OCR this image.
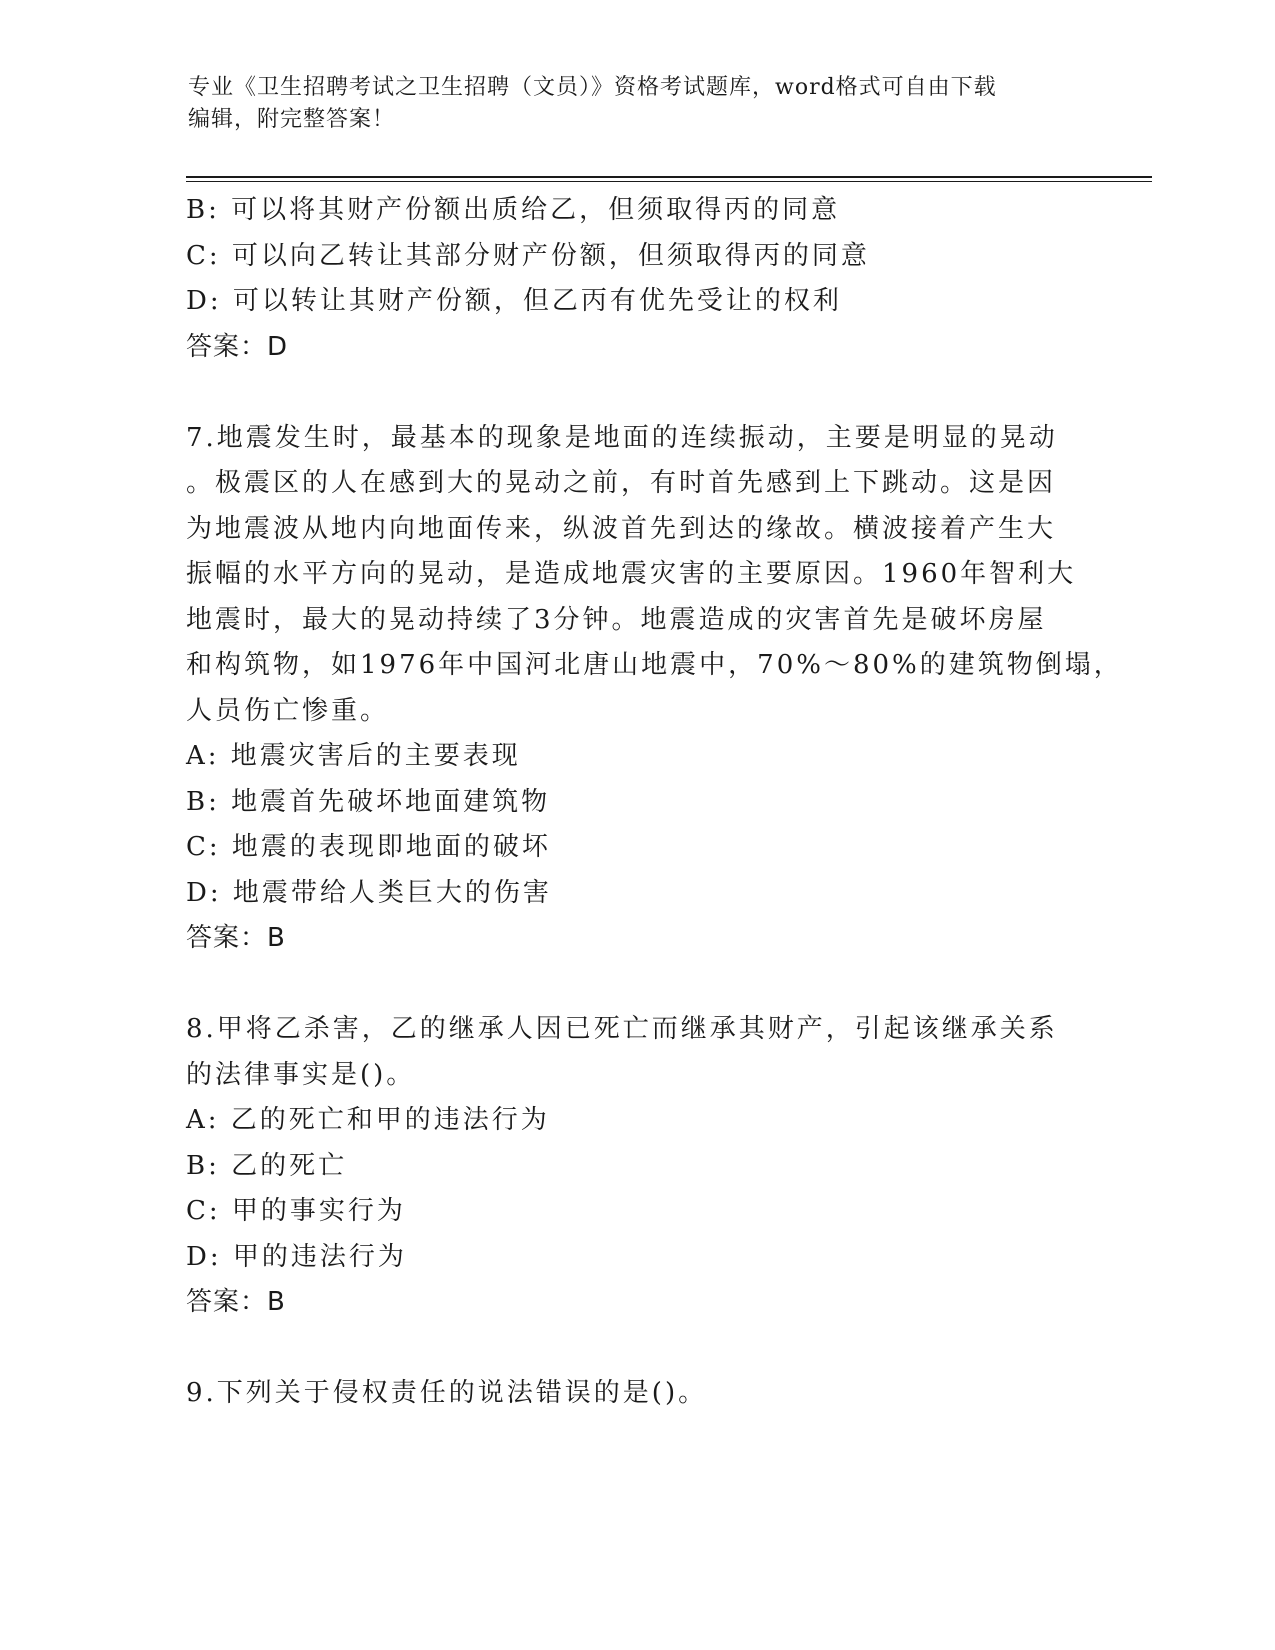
专业《卫生招聘考试之卫生招聘（文员）》资格考试题库，word格式可自由下载
编辑，附完整答案！
B: 可以将其财产份额出质给乙，但须取得丙的同意
C: 可以向乙转让其部分财产份额，但须取得丙的同意
D: 可以转让其财产份额，但乙丙有优先受让的权利
答案：D
7.地震发生时，最基本的现象是地面的连续振动，主要是明显的晃动
。极震区的人在感到大的晃动之前，有时首先感到上下跳动。这是因
为地震波从地内向地面传来，纵波首先到达的缘故。横波接着产生大
振幅的水平方向的晃动，是造成地震灾害的主要原因。1960年智利大
地震时，最大的晃动持续了3分钟。地震造成的灾害首先是破坏房屋
和构筑物，如1976年中国河北唐山地震中，70%～80%的建筑物倒塌，
人员伤亡惨重。
A: 地震灾害后的主要表现
B: 地震首先破坏地面建筑物
C: 地震的表现即地面的破坏
D: 地震带给人类巨大的伤害
答案：B
8.甲将乙杀害，乙的继承人因已死亡而继承其财产，引起该继承关系
的法律事实是()。
A: 乙的死亡和甲的违法行为
B: 乙的死亡
C: 甲的事实行为
D: 甲的违法行为
答案：B
9.下列关于侵权责任的说法错误的是()。
